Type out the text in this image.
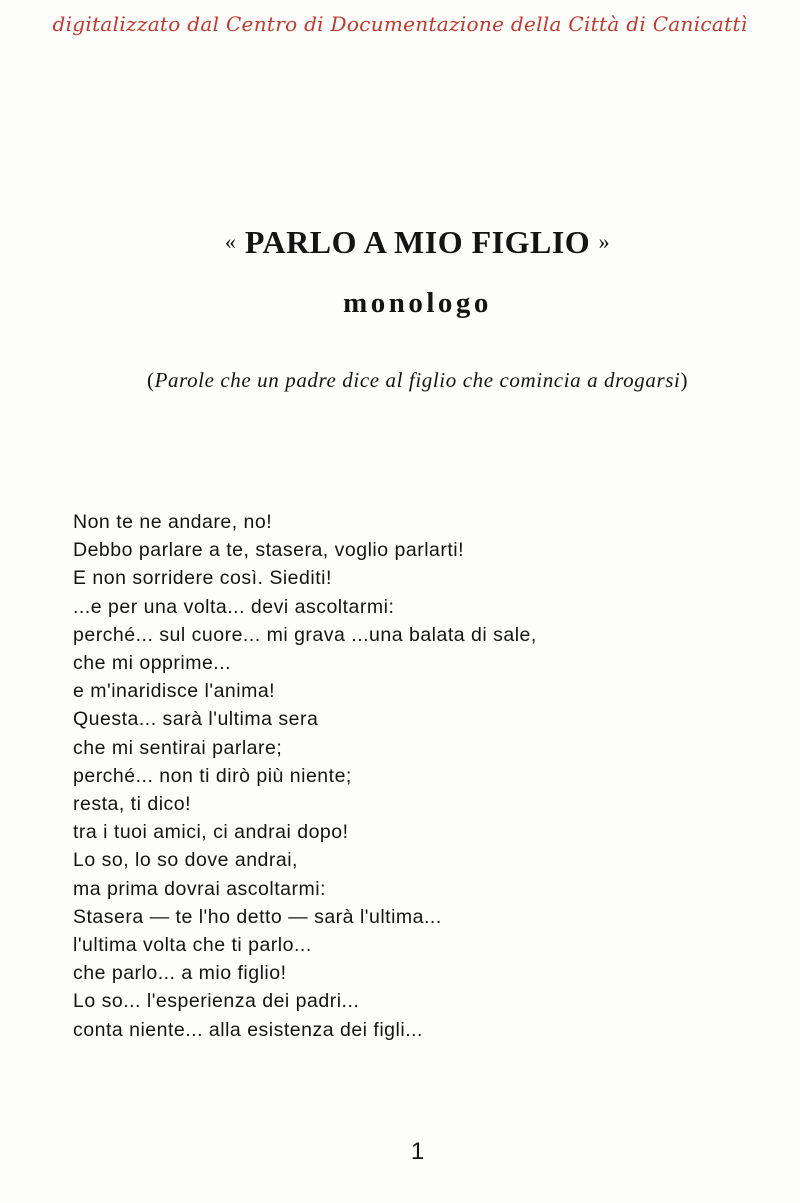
digitalizzato dal Centro di Documentazione della Città di Canicattì
« PARLO A MIO FIGLIO »
monologo
(Parole che un padre dice al figlio che comincia a drogarsi)
Non te ne andare, no!
Debbo parlare a te, stasera, voglio parlarti!
E non sorridere così. Siediti!
...e per una volta... devi ascoltarmi:
perché... sul cuore... mi grava ...una balata di sale,
che mi opprime...
e m'inaridisce l'anima!
Questa... sarà l'ultima sera
che mi sentirai parlare;
perché... non ti dirò più niente;
resta, ti dico!
tra i tuoi amici, ci andrai dopo!
Lo so, lo so dove andrai,
ma prima dovrai ascoltarmi:
Stasera — te l'ho detto — sarà l'ultima...
l'ultima volta che ti parlo...
che parlo... a mio figlio!
Lo so... l'esperienza dei padri...
conta niente... alla esistenza dei figli...
1
